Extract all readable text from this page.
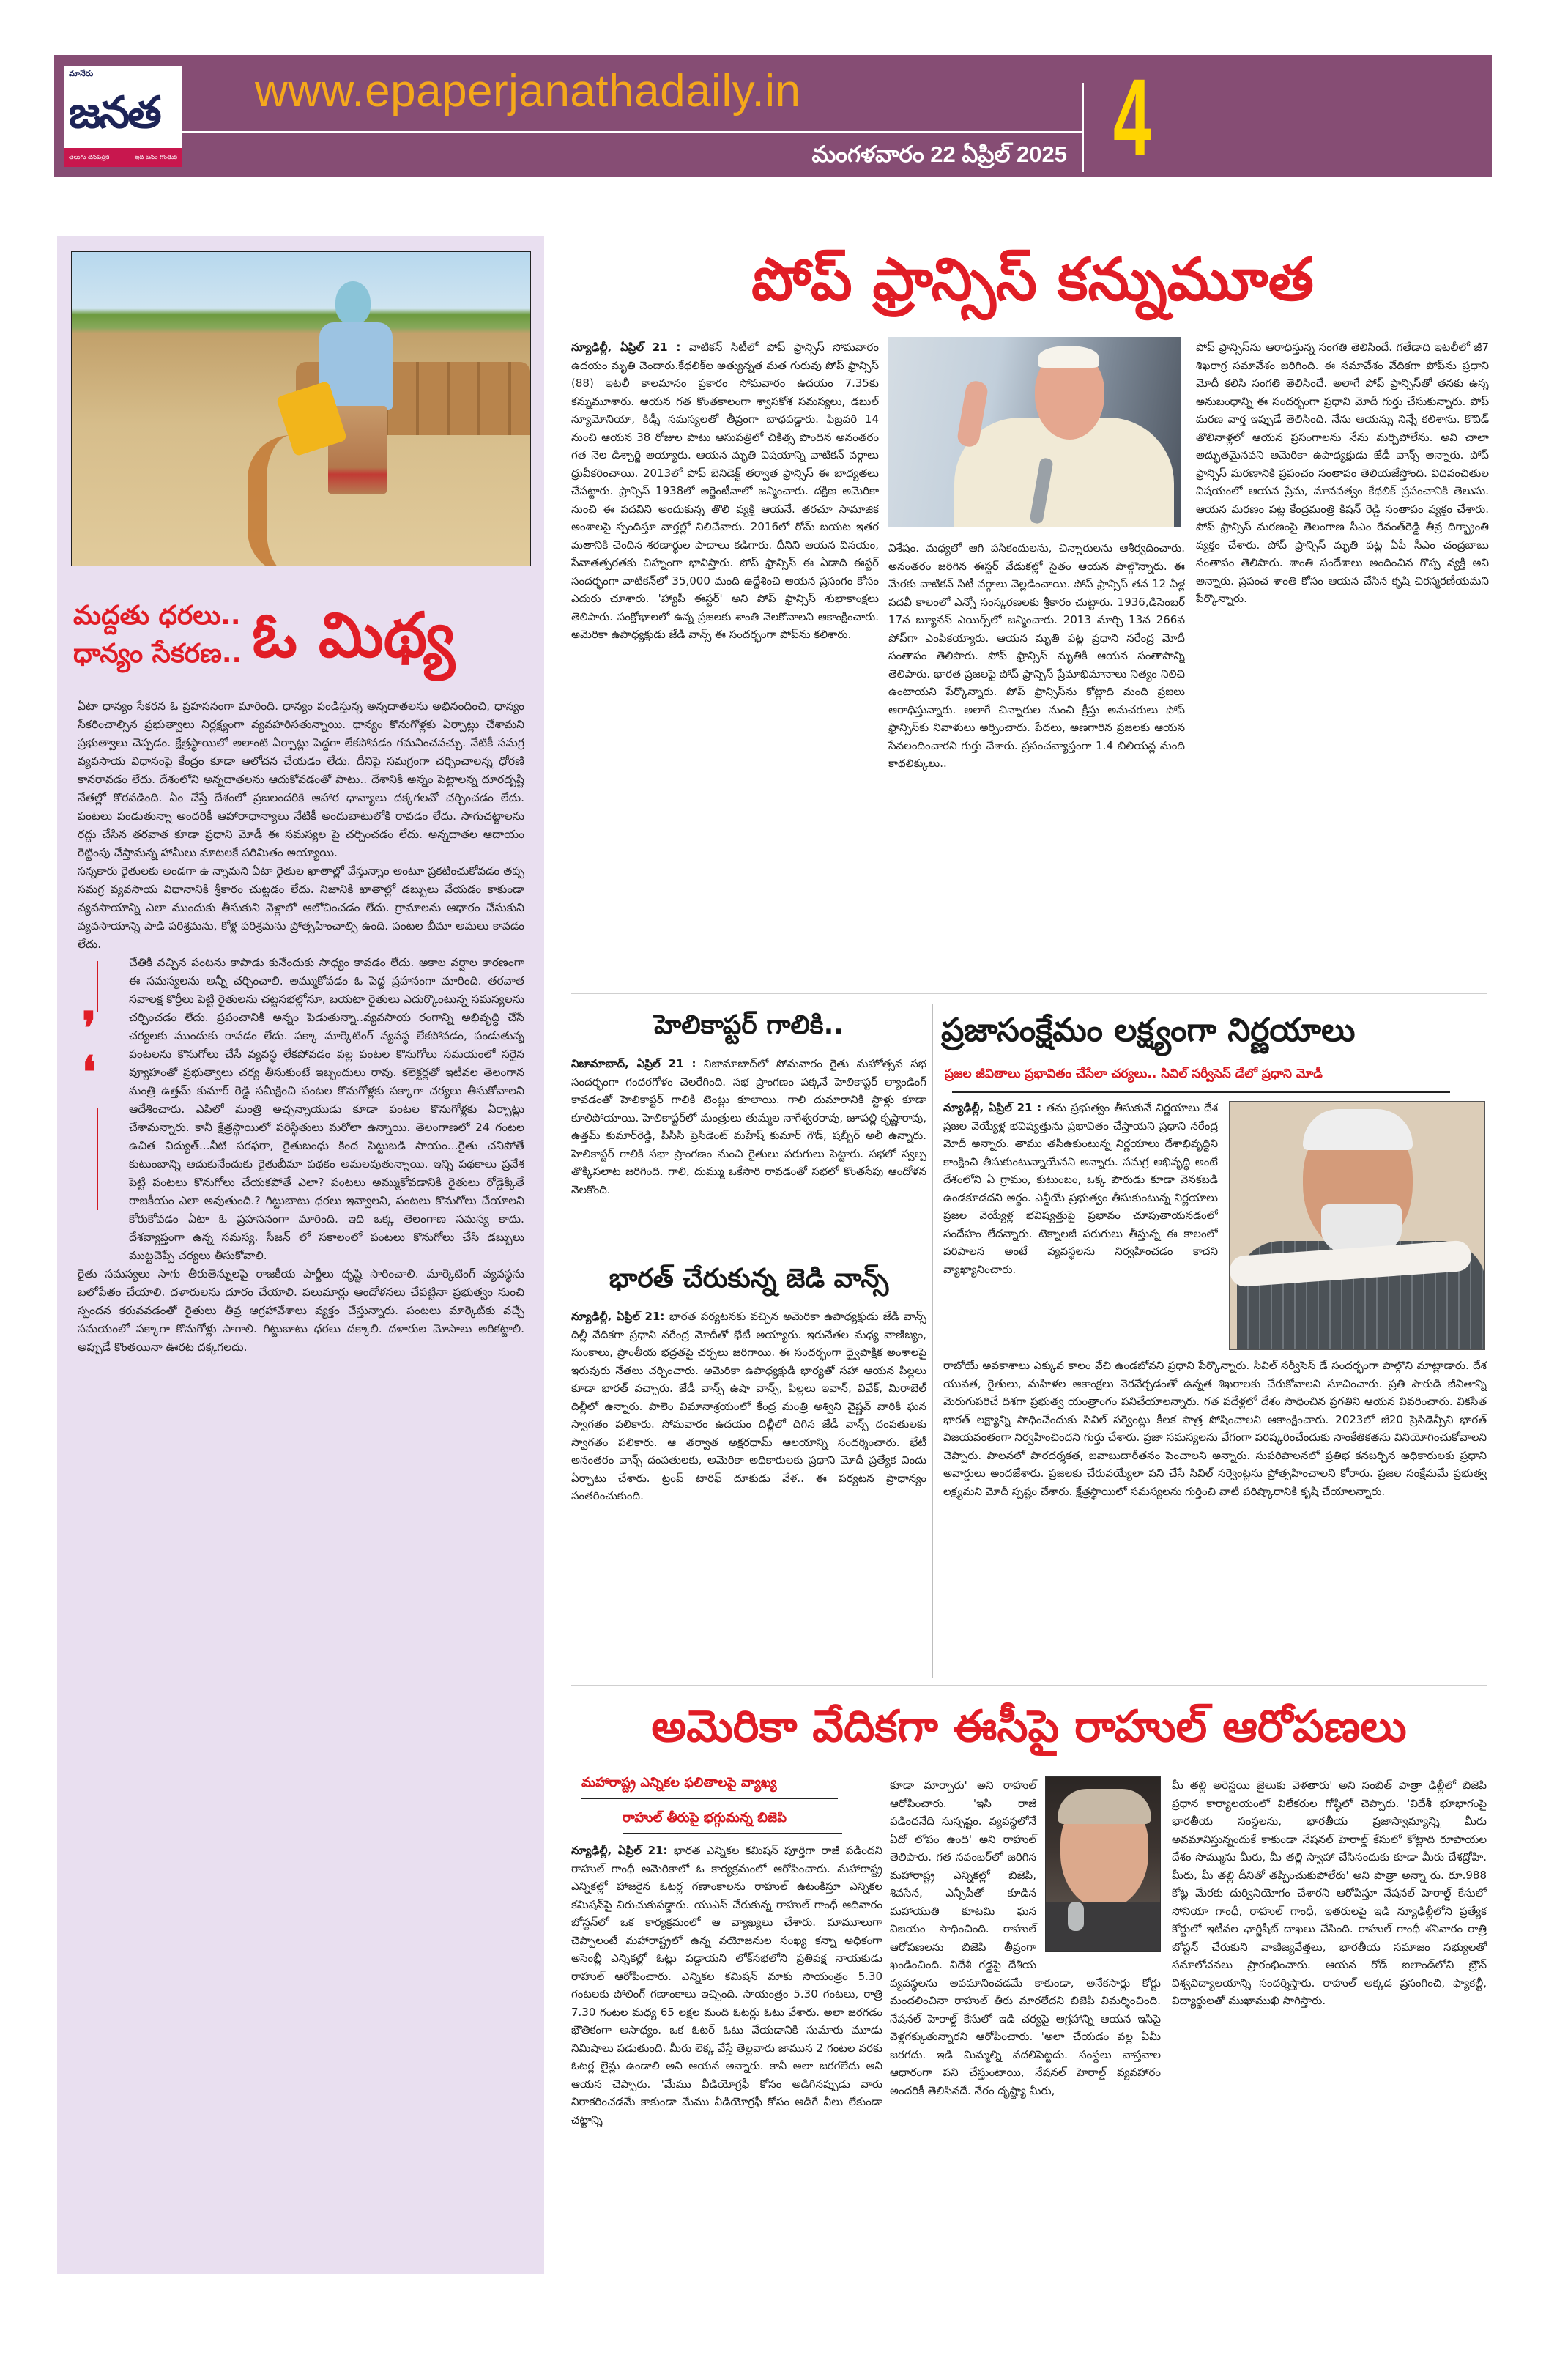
మానేరు
జనత
తెలుగు దినపత్రిక	ఇది జనం గొంతుక
www.epaperjanathadaily.in
మంగళవారం 22 ఏప్రిల్ 2025 4
మద్దతు ధరలు..
ధాన్యం సేకరణ.. ఓ మిథ్య

ఏటా ధాన్యం సేకరన ఓ ప్రహసనంగా మారింది. ధాన్యం పండిస్తున్న అన్నదాతలను అభినందించి, ధాన్యం సేకరించాల్సిన ప్రభుత్వాలు నిర్లక్ష్యంగా వ్యవహరిసతున్నాయి. ధాన్యం కొనుగోళ్లకు ఏర్పాట్లు చేశామని ప్రభుత్వాలు చెప్పడం. క్షేత్రస్థాయిలో అలాంటి ఏర్పాట్లు పెద్దగా లేకపోవడం గమనించవచ్చు. నేటికీ సమగ్ర వ్యవసాయ విధానంపై కేంద్రం కూడా ఆలోచన చేయడం లేదు. దీనిపై సమగ్రంగా చర్చించాలన్న ధోరణి కానరావడం లేదు. దేశంలోని అన్నదాతలను ఆదుకోవడంతో పాటు.. దేశానికి అన్నం పెట్టాలన్న దూరదృష్టి నేతల్లో కొరవడింది. ఏం చేస్తే దేశంలో ప్రజలందరికి ఆహార ధాన్యాలు దక్కగలవో చర్చించడం లేదు. పంటలు పండుతున్నా అందరికీ ఆహారాధాన్యాలు నేటికీ అందుబాటులోకి రావడం లేదు. సాగుచట్టాలను రద్దు చేసిన తరవాత కూడా ప్రధాని మోడీ ఈ సమస్యల పై చర్చించడం లేదు. అన్నదాతల ఆదాయం రెట్టింపు చేస్తామన్న హామీలు మాటలకే పరిమితం అయ్యాయి.

సన్నకారు రైతులకు అండగా ఉ న్నామని ఏటా రైతుల ఖాతాల్లో వేస్తున్నాం అంటూ ప్రకటించుకోవడం తప్ప సమగ్ర వ్యవసాయ విధానానికి శ్రీకారం చుట్టడం లేదు. నిజానికి ఖాతాల్లో డబ్బులు వేయడం కాకుండా వ్యవసాయాన్ని ఎలా ముందుకు తీసుకుని వెళ్లాలో ఆలోచించడం లేదు. గ్రామాలను ఆధారం చేసుకుని వ్యవసాయాన్ని పాడి పరిశ్రమను, కోళ్ల పరిశ్రమను ప్రోత్సహించాల్సి ఉంది. పంటల బీమా అమలు కావడం లేదు.

❜
❛

చేతికి వచ్చిన పంటను కాపాడు కునేందుకు సాధ్యం కావడం లేదు. అకాల వర్షాల కారణంగా ఈ సమస్యలను అన్నీ చర్చించాలి. అమ్ముకోవడం ఓ పెద్ద ప్రహనంగా మారింది. తరవాత సవాలక్ష కొర్రీలు పెట్టి రైతులను చట్టసభల్లోనూ, బయటా రైతులు ఎదుర్కొంటున్న సమస్యలను చర్చించడం లేదు. ప్రపంచానికి అన్నం పెడుతున్నా..వ్యవసాయ రంగాన్ని అభివృద్ధి చేసే చర్యలకు ముందుకు రావడం లేదు. పక్కా మార్కెటింగ్ వ్యవస్థ లేకపోవడం, పండుతున్న పంటలను కొనుగోలు చేసే వ్యవస్థ లేకపోవడం వల్ల పంటల కొనుగోలు సమయంలో సరైన వ్యూహంతో ప్రభుత్వాలు చర్య తీసుకుంటే ఇబ్బందులు రావు. కలెక్టర్లతో ఇటీవల తెలంగాన మంత్రి ఉత్తమ్ కుమార్ రెడ్డి సమీక్షించి పంటల కొనుగోళ్లకు పక్కాగా చర్యలు తీసుకోవాలని ఆదేశించారు. ఎపిలో మంత్రి అచ్చన్నాయుడు కూడా పంటల కొనుగోళ్లకు ఏర్పాట్లు చేశామన్నారు. కానీ క్షేత్రస్థాయిలో పరిస్థితులు మరోలా ఉన్నాయి. తెలంగాణలో 24 గంటల ఉచిత విద్యుత్...నీటి సరఫరా, రైతుబంధు కింద పెట్టుబడి సాయం...రైతు చనిపోతే కుటుంబాన్ని ఆదుకునేందుకు రైతుబీమా పథకం అమలవుతున్నాయి. ఇన్ని పథకాలు ప్రవేశ పెట్టి పంటలు కొనుగోలు చేయకపోతే ఎలా? పంటలు అమ్ముకోవడానికి రైతులు రోడ్డెక్కితే రాజకీయం ఎలా అవుతుంది.? గిట్టుబాటు ధరలు ఇవ్వాలని, పంటలు కొనుగోలు చేయాలని కోరుకోవడం ఏటా ఓ ప్రహసనంగా మారింది. ఇది ఒక్క తెలంగాణ సమస్య కాదు. దేశవ్యాప్తంగా ఉన్న సమస్య. సీజన్ లో సకాలంలో పంటలు కొనుగోలు చేసి డబ్బులు ముట్టచెప్పే చర్యలు తీసుకోవాలి.

రైతు సమస్యలు సాగు తీరుతెన్నులపై రాజకీయ పార్టీలు దృష్టి సారించాలి. మార్కెటింగ్ వ్యవస్థను బలోపేతం చేయాలి. దళారులను దూరం చేయాలి. పలుమార్లు ఆందోళనలు చేపట్టినా ప్రభుత్వం నుంచి స్పందన కరువవడంతో రైతులు తీవ్ర ఆగ్రహావేశాలు వ్యక్తం చేస్తున్నారు. పంటలు మార్కెట్‌కు వచ్చే సమయంలో పక్కాగా కొనుగోళ్లు సాగాలి. గిట్టుబాటు ధరలు దక్కాలి. దళారుల మోసాలు అరికట్టాలి. అప్పుడే కొంతయినా ఊరట దక్కగలదు.

పోప్ ఫ్రాన్సిస్ కన్నుమూత
న్యూఢిల్లీ, ఏప్రిల్ 21 : వాటికన్ సిటీలో పోప్ ఫ్రాన్సిస్ సోమవారం ఉదయం మృతి చెందారు.కేథలిక్‌ల అత్యున్నత మత గురువు పోప్ ఫ్రాన్సిస్ (88) ఇటలీ కాలమానం ప్రకారం సోమవారం ఉదయం 7.35కు కన్నుమూశారు. ఆయన గత కొంతకాలంగా శ్వాసకోశ సమస్యలు, డబుల్ న్యూమోనియా, కిడ్నీ సమస్యలతో తీవ్రంగా బాధపడ్డారు. ఫిబ్రవరి 14 నుంచి ఆయన 38 రోజుల పాటు ఆసుపత్రిలో చికిత్స పొందిన అనంతరం గత నెల డిశ్చార్జి అయ్యారు. ఆయన మృతి విషయాన్ని వాటికన్ వర్గాలు ధ్రువీకరించాయి. 2013లో పోప్ బెనిడెక్ట్ తర్వాత ఫ్రాన్సిస్ ఈ బాధ్యతలు చేపట్టారు. ఫ్రాన్సిస్ 1938లో అర్జెంటీనాలో జన్మించారు. దక్షిణ అమెరికా నుంచి ఈ పదవిని అందుకున్న తొలి వ్యక్తి ఆయనే. తరచూ సామాజిక అంశాలపై స్పందిస్తూ వార్తల్లో నిలిచేవారు. 2016లో రోమ్ బయట ఇతర మతానికి చెందిన శరణార్థుల పాదాలు కడిగారు. దీనిని ఆయన వినయం, సేవాతత్పరతకు చిహ్నంగా భావిస్తారు. పోప్ ఫ్రాన్సిస్ ఈ ఏడాది ఈస్టర్ సందర్భంగా వాటికన్‌లో 35,000 మంది ఉద్దేశించి ఆయన ప్రసంగం కోసం ఎదురు చూశారు. 'హ్యాపీ ఈస్టర్' అని పోప్ ఫ్రాన్సిస్ శుభాకాంక్షలు తెలిపారు. సంక్షోభాలలో ఉన్న ప్రజలకు శాంతి నెలకొనాలని ఆకాంక్షించారు. అమెరికా ఉపాధ్యక్షుడు జేడీ వాన్స్ ఈ సందర్భంగా పోప్‌ను కలిశారు.
విశేషం. మధ్యలో ఆగి పసికందులను, చిన్నారులను ఆశీర్వదించారు. అనంతరం జరిగిన ఈస్టర్ వేడుకల్లో సైతం ఆయన పాల్గొన్నారు. ఈ మేరకు వాటికన్ సిటీ వర్గాలు వెల్లడించాయి. పోప్ ఫ్రాన్సిస్ తన 12 ఏళ్ల పదవీ కాలంలో ఎన్నో సంస్కరణలకు శ్రీకారం చుట్టారు. 1936,డిసెంబర్ 17న బ్యూనస్ ఎయిర్స్‌లో జన్మించారు. 2013 మార్చి 13న 266వ పోప్‌గా ఎంపికయ్యారు. ఆయన మృతి పట్ల ప్రధాని నరేంద్ర మోదీ సంతాపం తెలిపారు. పోప్ ఫ్రాన్సిస్ మృతికి ఆయన సంతాపాన్ని తెలిపారు. భారత ప్రజలపై పోప్ ఫ్రాన్సిస్ ప్రేమాభిమానాలు నిత్యం నిలిచి ఉంటాయని పేర్కొన్నారు. పోప్ ఫ్రాన్సిస్‌ను కోట్లాది మంది ప్రజలు ఆరాధిస్తున్నారు. అలాగే చిన్నారుల నుంచి క్రీస్తు అనుచరులు పోప్ ఫ్రాన్సిస్‌కు నివాళులు అర్పించారు. పేదలు, అణగారిన ప్రజలకు ఆయన సేవలందించారని గుర్తు చేశారు. ప్రపంచవ్యాప్తంగా 1.4 బిలియన్ల మంది కాథలిక్కులు..
పోప్ ఫ్రాన్సిస్‌ను ఆరాధిస్తున్న సంగతి తెలిసిందే. గతేడాది ఇటలీలో జీ7 శిఖరాగ్ర సమావేశం జరిగింది. ఈ సమావేశం వేదికగా పోప్‌ను ప్రధాని మోదీ కలిసి సంగతి తెలిసిందే. అలాగే పోప్ ఫ్రాన్సిస్‌తో తనకు ఉన్న అనుబంధాన్ని ఈ సందర్భంగా ప్రధాని మోదీ గుర్తు చేసుకున్నారు. పోప్ మరణ వార్త ఇప్పుడే తెలిసింది. నేను ఆయన్ను నిన్నే కలిశాను. కొవిడ్ తొలినాళ్లలో ఆయన ప్రసంగాలను నేను మర్చిపోలేను. అవి చాలా అద్భుతమైనవని అమెరికా ఉపాధ్యక్షుడు జేడీ వాన్స్ అన్నారు. పోప్ ఫ్రాన్సిస్ మరణానికి ప్రపంచం సంతాపం తెలియజేస్తోంది. విధివంచితుల విషయంలో ఆయన ప్రేమ, మానవత్వం కేథలిక్ ప్రపంచానికి తెలుసు. ఆయన మరణం పట్ల కేంద్రమంత్రి కిషన్ రెడ్డి సంతాపం వ్యక్తం చేశారు. పోప్ ఫ్రాన్సిస్ మరణంపై తెలంగాణ సీఎం రేవంత్‌రెడ్డి తీవ్ర దిగ్భ్రాంతి వ్యక్తం చేశారు. పోప్ ఫ్రాన్సిస్ మృతి పట్ల ఏపీ సీఎం చంద్రబాబు సంతాపం తెలిపారు. శాంతి సందేశాలు అందించిన గొప్ప వ్యక్తి అని అన్నారు. ప్రపంచ శాంతి కోసం ఆయన చేసిన కృషి చిరస్మరణీయమని పేర్కొన్నారు.
హెలికాప్టర్ గాలికి..
నిజామాబాద్, ఏప్రిల్ 21 : నిజామాబాద్‌లో సోమవారం రైతు మహోత్సవ సభ సందర్భంగా గందరగోళం చెలరేగింది. సభ ప్రాంగణం పక్కనే హెలికాప్టర్ ల్యాండింగ్ కావడంతో హెలికాప్టర్ గాలికి టెంట్లు కూలాయి. గాలి దుమారానికి స్టాళ్లు కూడా కూలిపోయాయి. హెలికాప్టర్‌లో మంత్రులు తుమ్మల నాగేశ్వరరావు, జూపల్లి కృష్ణారావు, ఉత్తమ్ కుమార్‌రెడ్డి, పీసీసీ ప్రెసిడెంట్ మహేష్ కుమార్ గౌడ్, షబ్బీర్ అలీ ఉన్నారు. హెలికాప్టర్ గాలికి సభా ప్రాంగణం నుంచి రైతులు పరుగులు పెట్టారు. సభలో స్వల్ప తొక్కిసలాట జరిగింది. గాలి, దుమ్ము ఒకేసారి రావడంతో సభలో కొంతసేపు ఆందోళన నెలకొంది.
భారత్ చేరుకున్న జెడి వాన్స్
న్యూఢిల్లీ, ఏప్రిల్ 21: భారత పర్యటనకు వచ్చిన అమెరికా ఉపాధ్యక్షుడు జేడీ వాన్స్ దిల్లీ వేదికగా ప్రధాని నరేంద్ర మోదీతో భేటీ అయ్యారు. ఇరునేతల మధ్య వాణిజ్యం, సుంకాలు, ప్రాంతీయ భద్రతపై చర్చలు జరిగాయి. ఈ సందర్భంగా ద్వైపాక్షిక అంశాలపై ఇరువురు నేతలు చర్చించారు. అమెరికా ఉపాధ్యక్షుడి భార్యతో సహా ఆయన పిల్లలు కూడా భారత్ వచ్చారు. జేడీ వాన్స్ ఉషా వాన్స్, పిల్లలు ఇవాన్, వివేక్, మిరాబెల్ దిల్లీలో ఉన్నారు. పాలెం విమానాశ్రయంలో కేంద్ర మంత్రి అశ్విని వైష్ణవ్ వారికి ఘన స్వాగతం పలికారు. సోమవారం ఉదయం దిల్లీలో దిగిన జేడీ వాన్స్ దంపతులకు స్వాగతం పలికారు. ఆ తర్వాత అక్షరధామ్ ఆలయాన్ని సందర్శించారు. భేటీ అనంతరం వాన్స్ దంపతులకు, అమెరికా అధికారులకు ప్రధాని మోదీ ప్రత్యేక విందు ఏర్పాటు చేశారు. ట్రంప్ టారిఫ్ దూకుడు వేళ.. ఈ పర్యటన ప్రాధాన్యం సంతరించుకుంది.
ప్రజాసంక్షేమం లక్ష్యంగా నిర్ణయాలు
ప్రజల జీవితాలు ప్రభావితం చేసేలా చర్యలు.. సివిల్ సర్వీసెస్ డేలో ప్రధాని మోడీ
న్యూఢిల్లీ, ఏప్రిల్ 21 : తమ ప్రభుత్వం తీసుకునే నిర్ణయాలు దేశ ప్రజల వెయ్యేళ్ల భవిష్యత్తును ప్రభావితం చేస్తాయని ప్రధాని నరేంద్ర మోదీ అన్నారు. తాము తసీఉకుంటున్న నిర్ణయాలు దేశాభివృద్ధిని కాంక్షించి తీసుకుంటున్నాయేనని అన్నారు. సమగ్ర అభివృద్ధి అంటే దేశంలోని ఏ గ్రామం, కుటుంబం, ఒక్క పౌరుడు కూడా వెనకబడి ఉండకూడదని అర్థం. ఎన్డీయే ప్రభుత్వం తీసుకుంటున్న నిర్ణయాలు ప్రజల వెయ్యేళ్ల భవిష్యత్తుపై ప్రభావం చూపుతాయనడంలో సందేహం లేదన్నారు. టెక్నాలజీ పరుగులు తీస్తున్న ఈ కాలంలో పరిపాలన అంటే వ్యవస్థలను నిర్వహించడం కాదని వ్యాఖ్యానించారు.
రాబోయే అవకాశాలు ఎక్కువ కాలం వేచి ఉండబోవని ప్రధాని పేర్కొన్నారు. సివిల్ సర్వీసెస్ డే సందర్భంగా పాల్గొని మాట్లాడారు. దేశ యువత, రైతులు, మహిళల ఆకాంక్షలు నెరవేర్చడంతో ఉన్నత శిఖరాలకు చేరుకోవాలని సూచించారు. ప్రతి పౌరుడి జీవితాన్ని మెరుగుపరిచే దిశగా ప్రభుత్వ యంత్రాంగం పనిచేయాలన్నారు. గత పదేళ్లలో దేశం సాధించిన ప్రగతిని ఆయన వివరించారు. వికసిత భారత్ లక్ష్యాన్ని సాధించేందుకు సివిల్ సర్వెంట్లు కీలక పాత్ర పోషించాలని ఆకాంక్షించారు. 2023లో జీ20 ప్రెసిడెన్సీని భారత్ విజయవంతంగా నిర్వహించిందని గుర్తు చేశారు. ప్రజా సమస్యలను వేగంగా పరిష్కరించేందుకు సాంకేతికతను వినియోగించుకోవాలని చెప్పారు. పాలనలో పారదర్శకత, జవాబుదారీతనం పెంచాలని అన్నారు. సుపరిపాలనలో ప్రతిభ కనబర్చిన అధికారులకు ప్రధాని అవార్డులు అందజేశారు. ప్రజలకు చేరువయ్యేలా పని చేసే సివిల్ సర్వెంట్లను ప్రోత్సహించాలని కోరారు. ప్రజల సంక్షేమమే ప్రభుత్వ లక్ష్యమని మోదీ స్పష్టం చేశారు. క్షేత్రస్థాయిలో సమస్యలను గుర్తించి వాటి పరిష్కారానికి కృషి చేయాలన్నారు.
అమెరికా వేదికగా ఈసీపై రాహుల్ ఆరోపణలు
మహారాష్ట్ర ఎన్నికల ఫలితాలపై వ్యాఖ్య
రాహుల్ తీరుపై భగ్గుమన్న బిజెపి
న్యూఢిల్లీ, ఏప్రిల్ 21: భారత ఎన్నికల కమిషన్ పూర్తిగా రాజీ పడిందని రాహుల్ గాంధీ అమెరికాలో ఓ కార్యక్రమంలో ఆరోపించారు. మహారాష్ట్ర ఎన్నికల్లో హాజరైన ఓటర్ల గణాంకాలను రాహుల్ ఉటంకిస్తూ ఎన్నికల కమిషన్‌పై విరుచుకుపడ్డారు. యుఎస్ చేరుకున్న రాహుల్ గాంధీ ఆదివారం బోస్టన్‌లో ఒక కార్యక్రమంలో ఆ వ్యాఖ్యలు చేశారు. మామూలుగా చెప్పాలంటే మహారాష్ట్రలో ఉన్న వయోజనుల సంఖ్య కన్నా అధికంగా అసెంబ్లీ ఎన్నికల్లో ఓట్లు పడ్డాయని లోక్‌సభలోని ప్రతిపక్ష నాయకుడు రాహుల్ ఆరోపించారు. ఎన్నికల కమిషన్ మాకు సాయంత్రం 5.30 గంటలకు పోలింగ్ గణాంకాలు ఇచ్చింది. సాయంత్రం 5.30 గంటలు, రాత్రి 7.30 గంటల మధ్య 65 లక్షల మంది ఓటర్లు ఓటు వేశారు. అలా జరగడం భౌతికంగా అసాధ్యం. ఒక ఓటర్ ఓటు వేయడానికి సుమారు మూడు నిమిషాలు పడుతుంది. మీరు లెక్క వేస్తే తెల్లవారు జామున 2 గంటల వరకు ఓటర్ల లైన్లు ఉండాలి అని ఆయన అన్నారు. కానీ అలా జరగలేదు అని ఆయన చెప్పారు. 'మేము వీడియోగ్రఫీ కోసం అడిగినప్పుడు వారు నిరాకరించడమే కాకుండా మేము వీడియోగ్రఫీ కోసం అడిగే వీలు లేకుండా చట్టాన్ని
కూడా మార్చారు' అని రాహుల్ ఆరోపించారు. 'ఇసి రాజీ పడిందనేది సుస్పష్టం. వ్యవస్థలోనే ఏదో లోపం ఉంది' అని రాహుల్ తెలిపారు. గత నవంబర్‌లో జరిగిన మహారాష్ట్ర ఎన్నికల్లో బిజెపి, శివసేన, ఎన్సీపీతో కూడిన మహాయుతి కూటమి ఘన విజయం సాధించింది. రాహుల్ ఆరోపణలను బిజెపి తీవ్రంగా ఖండించింది. విదేశీ గడ్డపై దేశీయ వ్యవస్థలను అవమానించడమే కాకుండా, అనేకసార్లు కోర్టు మందలించినా రాహుల్ తీరు మారలేదని బిజెపి విమర్శించింది. నేషనల్ హెరాల్డ్ కేసులో ఇడి చర్యపై ఆగ్రహాన్ని ఆయన ఇసిపై వెళ్లగక్కుతున్నారని ఆరోపించారు. 'అలా చేయడం వల్ల ఏమీ జరగదు. ఇడి మిమ్మల్ని వదలిపెట్టదు. సంస్థలు వాస్తవాల ఆధారంగా పని చేస్తుంటాయి, నేషనల్ హెరాల్డ్ వ్యవహారం అందరికీ తెలిసినదే. నేరం దృష్ట్యా మీరు,
మీ తల్లి అరెస్టయి జైలుకు వెళతారు' అని సంబిత్ పాత్రా ఢిల్లీలో బిజెపి ప్రధాన కార్యాలయంలో విలేకరుల గోష్ఠిలో చెప్పారు. 'విదేశీ భూభాగంపై భారతీయ సంస్థలను, భారతీయ ప్రజాస్వామ్యాన్ని మీరు అవమానిస్తున్నందుకే కాకుండా నేషనల్ హెరాల్డ్ కేసులో కోట్లాది రూపాయల దేశం సొమ్మును మీరు, మీ తల్లి స్వాహా చేసినందుకు కూడా మీరు దేశద్రోహి. మీరు, మీ తల్లి దీనితో తప్పించుకుపోలేరు' అని పాత్రా అన్నా రు. రూ.988 కోట్ల మేరకు దుర్వినియోగం చేశారని ఆరోపిస్తూ నేషనల్ హెరాల్డ్ కేసులో సోనియా గాంధీ, రాహుల్ గాంధీ, ఇతరులపై ఇడి న్యూఢిల్లీలోని ప్రత్యేక కోర్టులో ఇటీవల ఛార్జిషీట్ దాఖలు చేసింది. రాహుల్ గాంధీ శనివారం రాత్రి బోస్టన్ చేరుకుని వాణిజ్యవేత్తలు, భారతీయ సమాజం సభ్యులతో సమాలోచనలు ప్రారంభించారు. ఆయన రోడ్ ఐలాండ్‌లోని బ్రౌన్ విశ్వవిద్యాలయాన్ని సందర్శిస్తారు. రాహుల్ అక్కడ ప్రసంగించి, ఫ్యాకల్టీ, విద్యార్థులతో ముఖాముఖి సాగిస్తారు.
